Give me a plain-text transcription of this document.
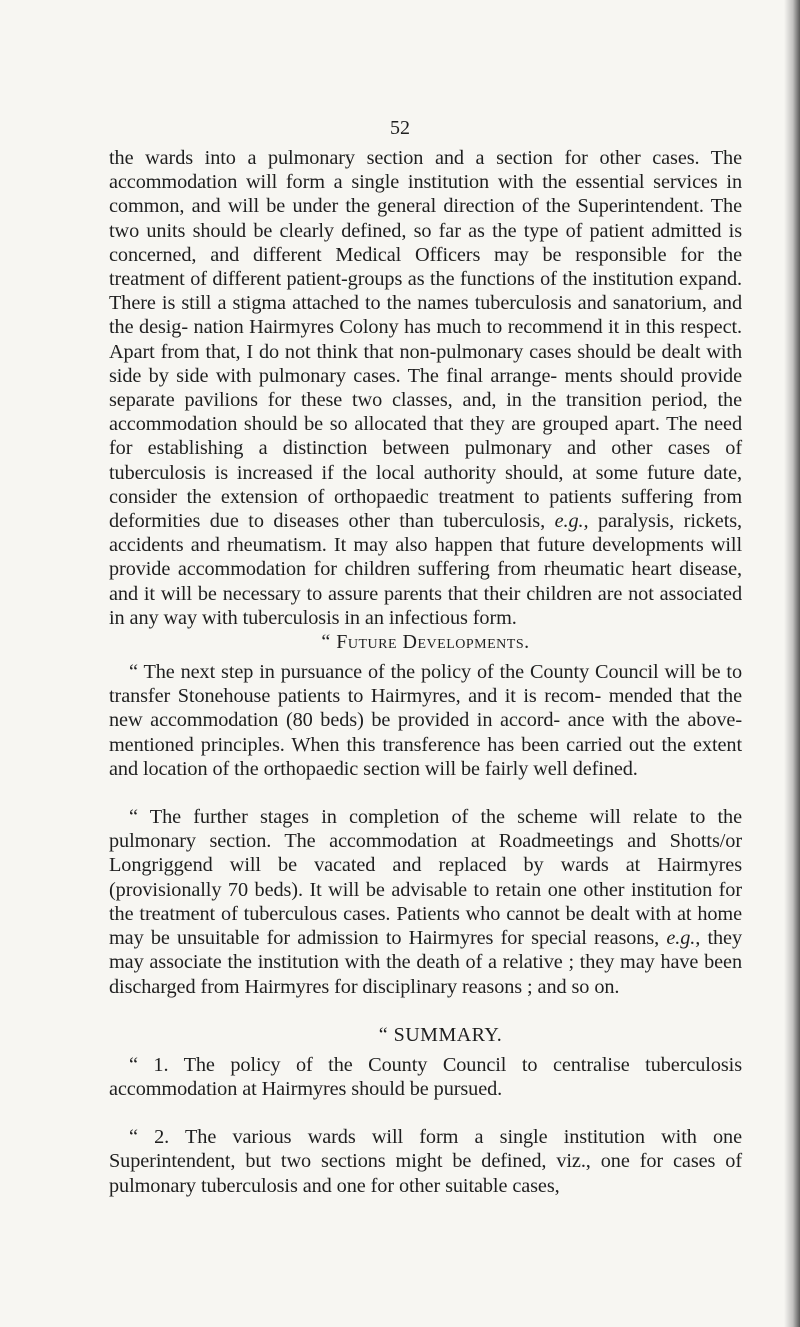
52

the wards into a pulmonary section and a section for other cases. The accommodation will form a single institution with the essential services in common, and will be under the general direction of the Superintendent. The two units should be clearly defined, so far as the type of patient admitted is concerned, and different Medical Officers may be responsible for the treatment of different patient-groups as the functions of the institution expand. There is still a stigma attached to the names tuberculosis and sanatorium, and the desig- nation Hairmyres Colony has much to recommend it in this respect. Apart from that, I do not think that non-pulmonary cases should be dealt with side by side with pulmonary cases. The final arrange- ments should provide separate pavilions for these two classes, and, in the transition period, the accommodation should be so allocated that they are grouped apart. The need for establishing a distinction between pulmonary and other cases of tuberculosis is increased if the local authority should, at some future date, consider the extension of orthopaedic treatment to patients suffering from deformities due to diseases other than tuberculosis, e.g., paralysis, rickets, accidents and rheumatism. It may also happen that future developments will provide accommodation for children suffering from rheumatic heart disease, and it will be necessary to assure parents that their children are not associated in any way with tuberculosis in an infectious form.

“ Future Developments.

“ The next step in pursuance of the policy of the County Council will be to transfer Stonehouse patients to Hairmyres, and it is recom- mended that the new accommodation (80 beds) be provided in accord- ance with the above-mentioned principles. When this transference has been carried out the extent and location of the orthopaedic section will be fairly well defined.

“ The further stages in completion of the scheme will relate to the pulmonary section. The accommodation at Roadmeetings and Shotts/or Longriggend will be vacated and replaced by wards at Hairmyres (provisionally 70 beds). It will be advisable to retain one other institution for the treatment of tuberculous cases. Patients who cannot be dealt with at home may be unsuitable for admission to Hairmyres for special reasons, e.g., they may associate the institution with the death of a relative ; they may have been discharged from Hairmyres for disciplinary reasons ; and so on.

“ SUMMARY.

“ 1. The policy of the County Council to centralise tuberculosis accommodation at Hairmyres should be pursued.

“ 2. The various wards will form a single institution with one Superintendent, but two sections might be defined, viz., one for cases of pulmonary tuberculosis and one for other suitable cases,
